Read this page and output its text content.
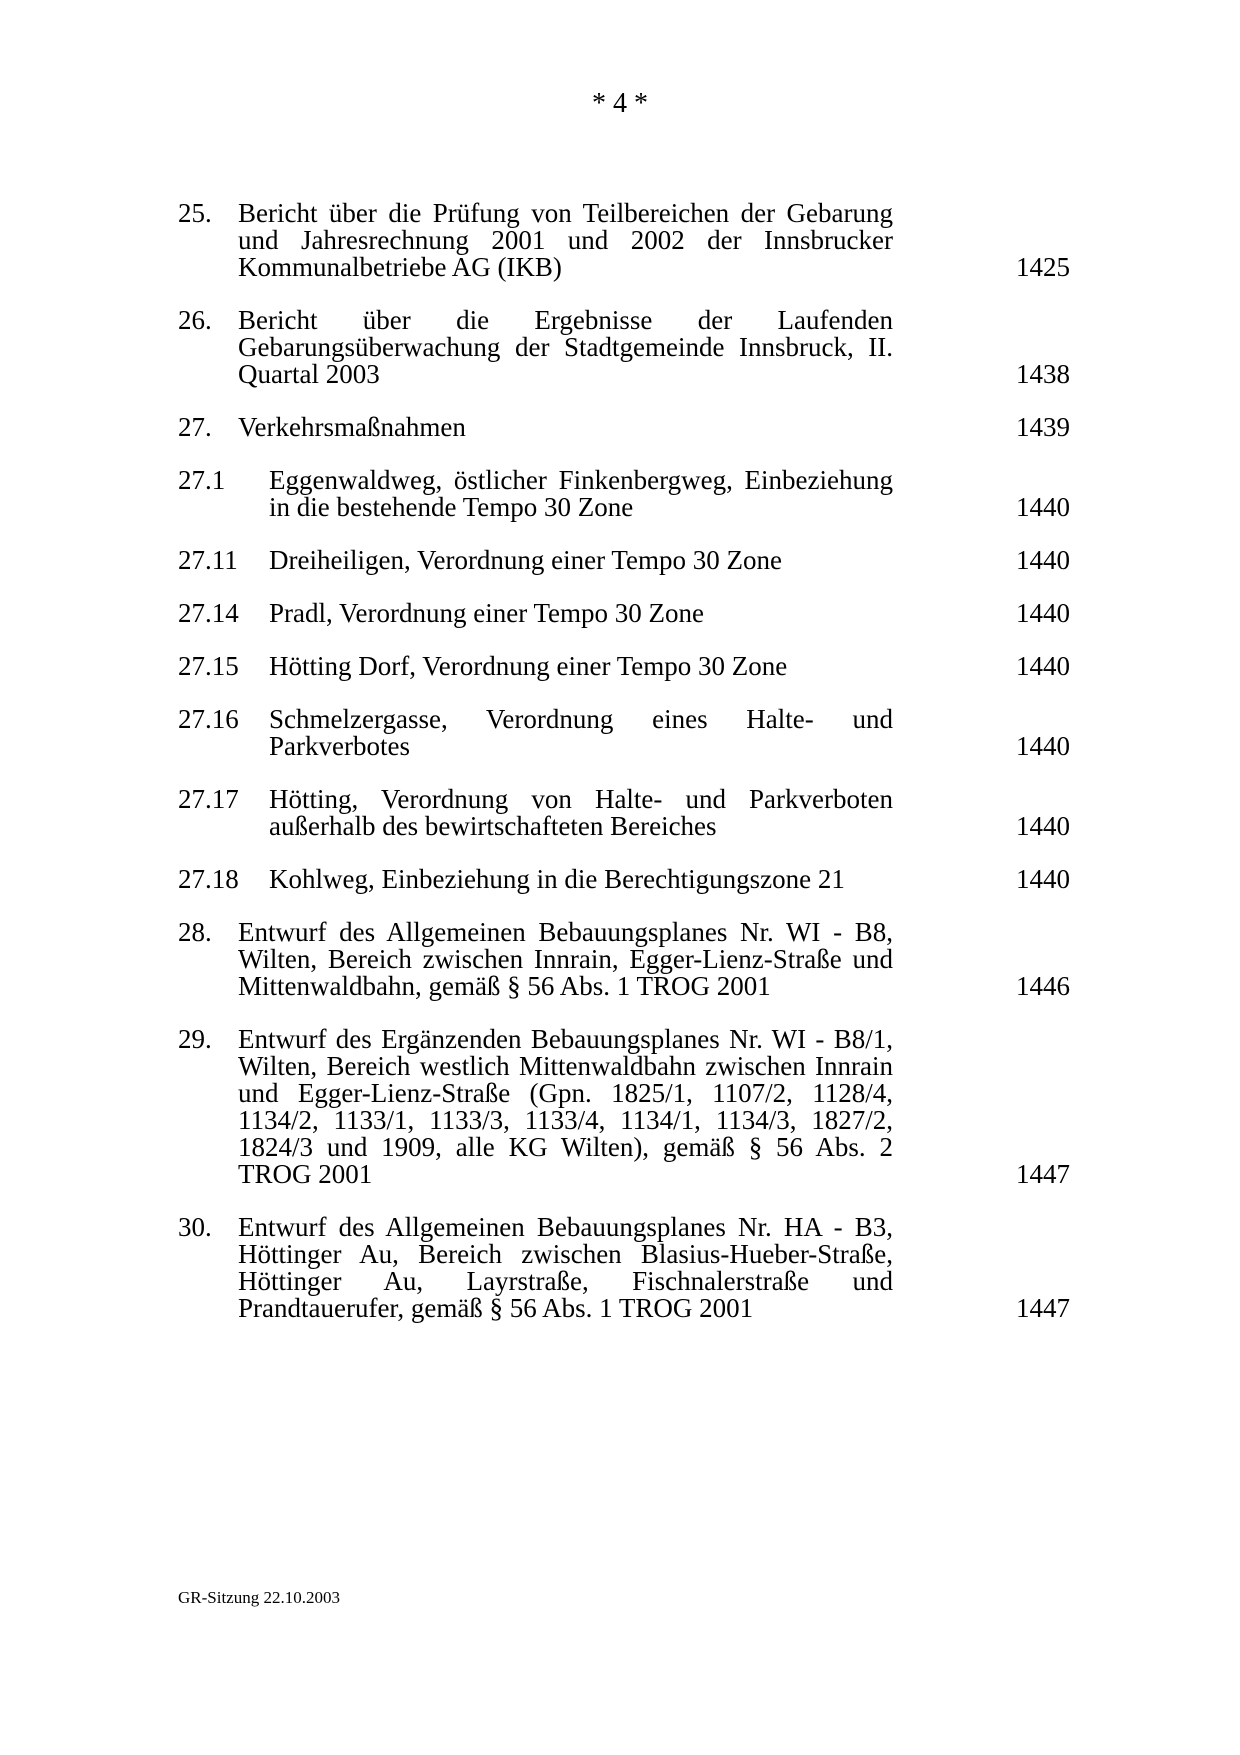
* 4 *
25. Bericht über die Prüfung von Teilbereichen der Gebarung und Jahresrechnung 2001 und 2002 der Innsbrucker Kommunalbetriebe AG (IKB)	1425
26. Bericht über die Ergebnisse der Laufenden Gebarungsüberwachung der Stadtgemeinde Innsbruck, II. Quartal 2003	1438
27. Verkehrsmaßnahmen	1439
27.1 Eggenwaldweg, östlicher Finkenbergweg, Einbeziehung in die bestehende Tempo 30 Zone	1440
27.11 Dreiheiligen, Verordnung einer Tempo 30 Zone	1440
27.14 Pradl, Verordnung einer Tempo 30 Zone	1440
27.15 Hötting Dorf, Verordnung einer Tempo 30 Zone	1440
27.16 Schmelzergasse, Verordnung eines Halte- und Parkverbotes	1440
27.17 Hötting, Verordnung von Halte- und Parkverboten außerhalb des bewirtschafteten Bereiches	1440
27.18 Kohlweg, Einbeziehung in die Berechtigungszone 21	1440
28. Entwurf des Allgemeinen Bebauungsplanes Nr. WI - B8, Wilten, Bereich zwischen Innrain, Egger-Lienz-Straße und Mittenwaldbahn, gemäß § 56 Abs. 1 TROG 2001	1446
29. Entwurf des Ergänzenden Bebauungsplanes Nr. WI - B8/1, Wilten, Bereich westlich Mittenwaldbahn zwischen Innrain und Egger-Lienz-Straße (Gpn. 1825/1, 1107/2, 1128/4, 1134/2, 1133/1, 1133/3, 1133/4, 1134/1, 1134/3, 1827/2, 1824/3 und 1909, alle KG Wilten), gemäß § 56 Abs. 2 TROG 2001	1447
30. Entwurf des Allgemeinen Bebauungsplanes Nr. HA - B3, Höttinger Au, Bereich zwischen Blasius-Hueber-Straße, Höttinger Au, Layrstraße, Fischnalerstraße und Prandtauerufer, gemäß § 56 Abs. 1 TROG 2001	1447
GR-Sitzung 22.10.2003
